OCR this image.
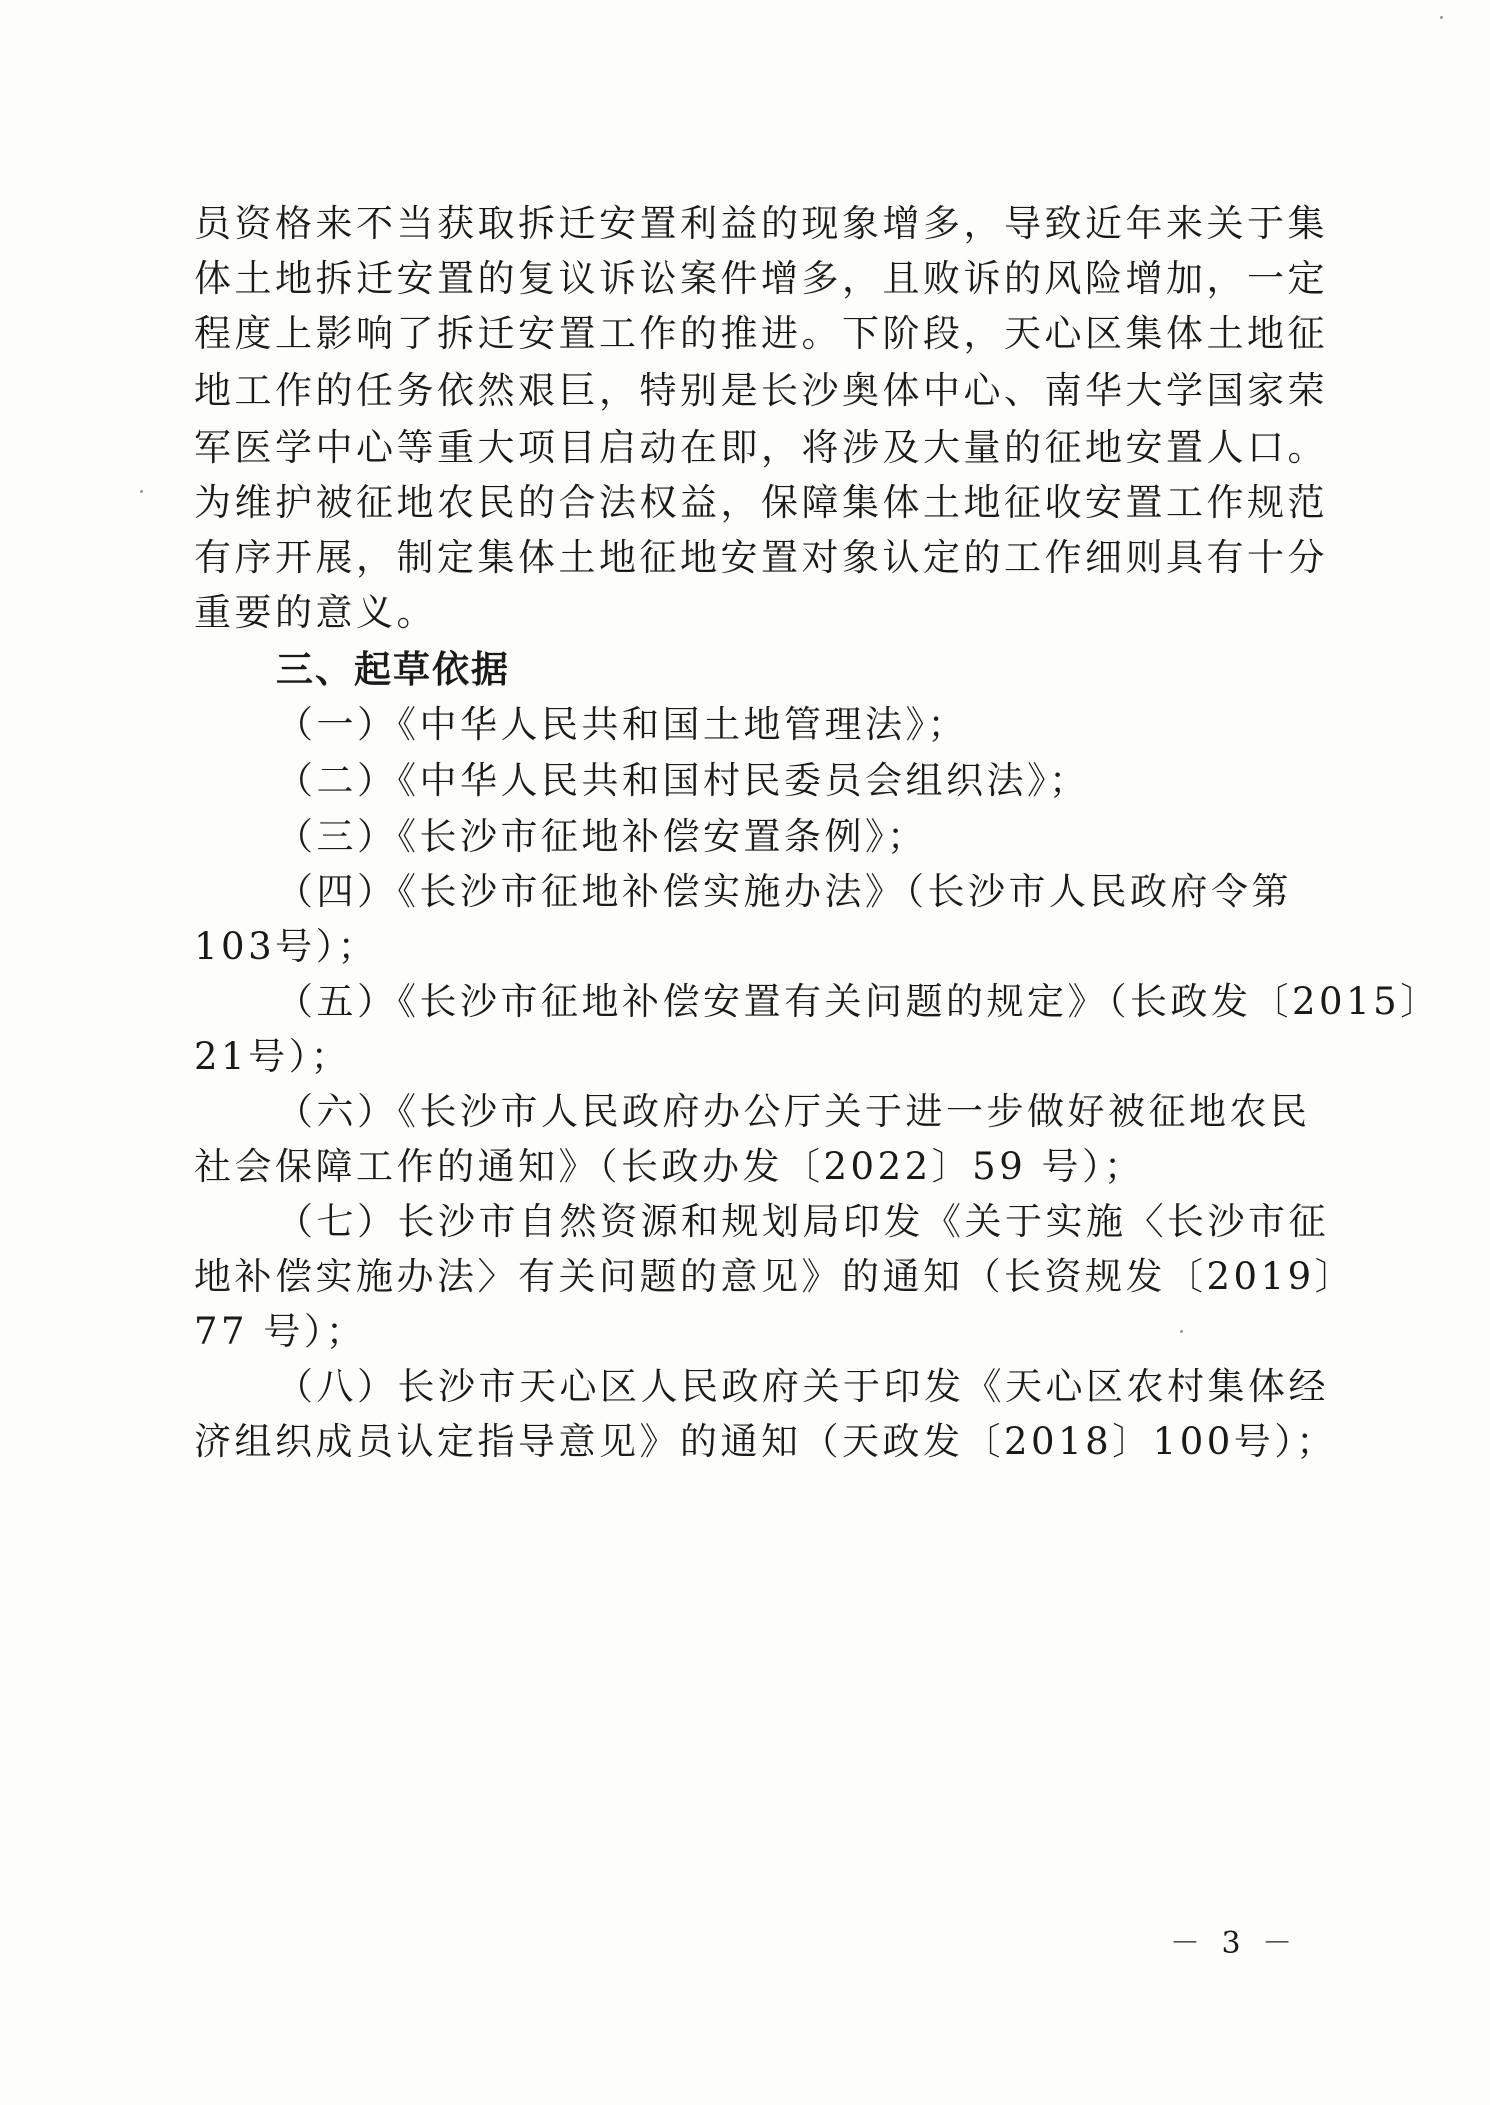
员资格来不当获取拆迁安置利益的现象增多，导致近年来关于集
体土地拆迁安置的复议诉讼案件增多，且败诉的风险增加，一定
程度上影响了拆迁安置工作的推进。下阶段，天心区集体土地征
地工作的任务依然艰巨，特别是长沙奥体中心、南华大学国家荣
军医学中心等重大项目启动在即，将涉及大量的征地安置人口。
为维护被征地农民的合法权益，保障集体土地征收安置工作规范
有序开展，制定集体土地征地安置对象认定的工作细则具有十分
重要的意义。
三、起草依据
（一）《中华人民共和国土地管理法》；
（二）《中华人民共和国村民委员会组织法》；
（三）《长沙市征地补偿安置条例》；
（四）《长沙市征地补偿实施办法》（长沙市人民政府令第
103号）；
（五）《长沙市征地补偿安置有关问题的规定》（长政发〔2015〕
21号）；
（六）《长沙市人民政府办公厅关于进一步做好被征地农民
社会保障工作的通知》（长政办发〔2022〕59 号）；
（七）长沙市自然资源和规划局印发《关于实施〈长沙市征
地补偿实施办法〉有关问题的意见》的通知（长资规发〔2019〕
77 号）；
（八）长沙市天心区人民政府关于印发《天心区农村集体经
济组织成员认定指导意见》的通知（天政发〔2018〕100号）；
－ 3 －
